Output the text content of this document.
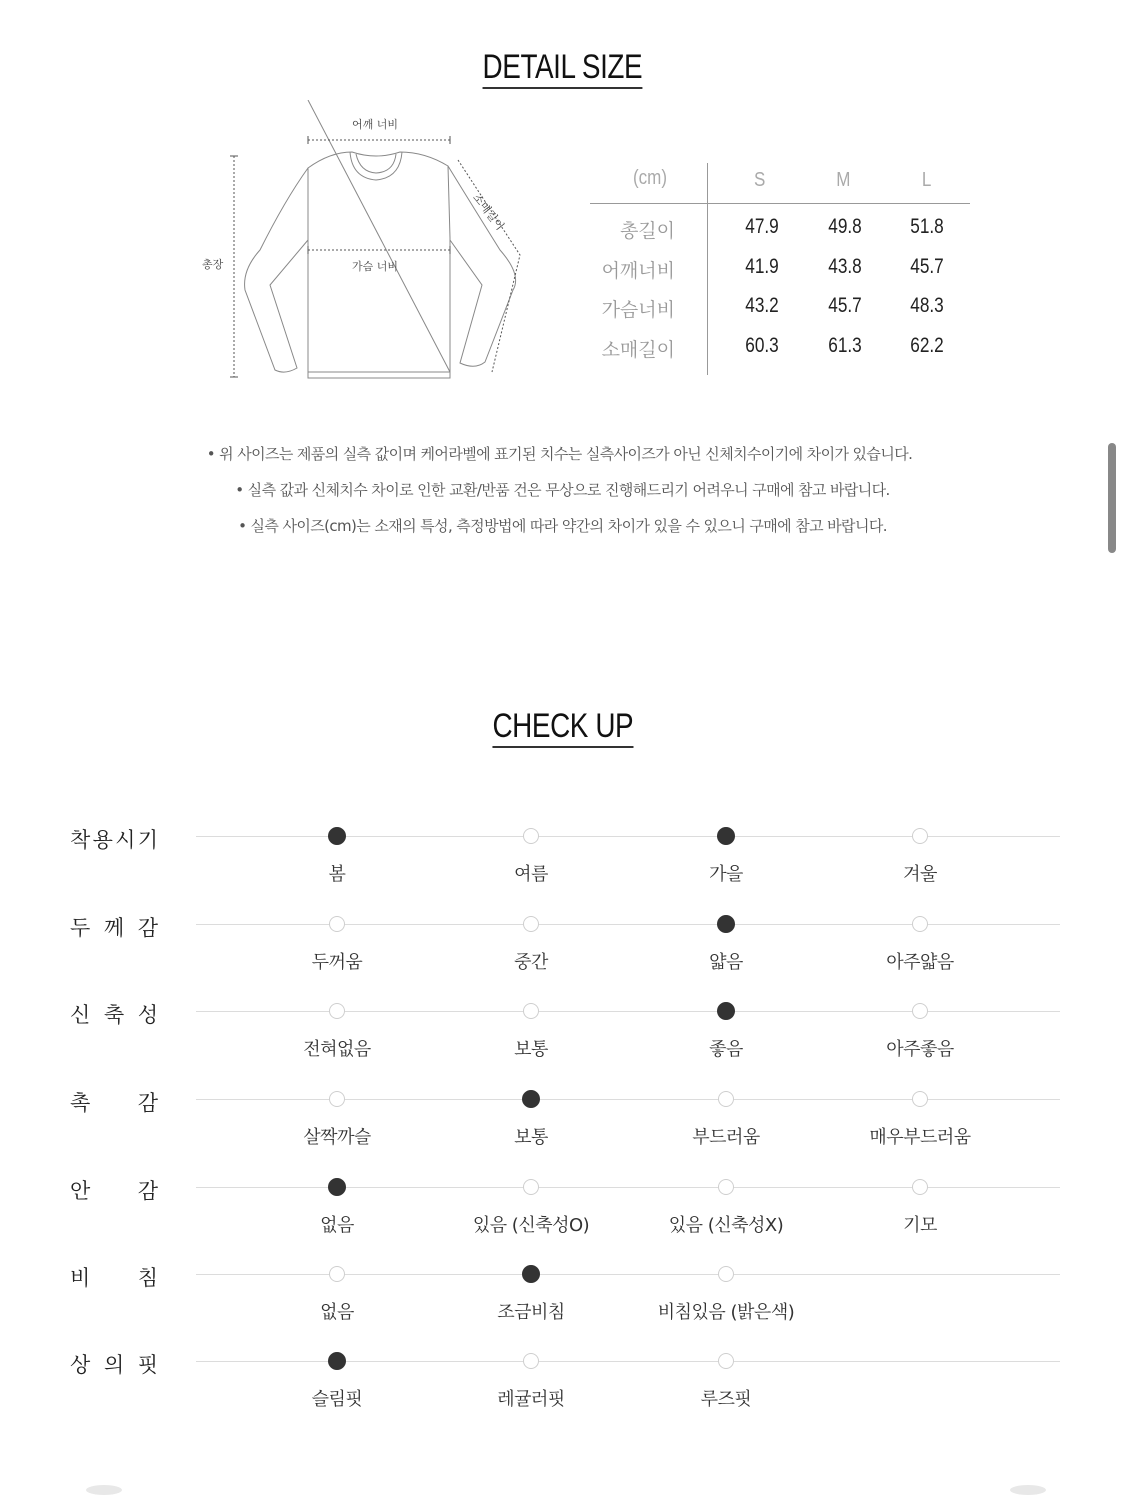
DETAIL SIZE
어깨 너비
소매길이
가슴 너비
총장
(cm)	S	M	L
총길이	47.9	49.8	51.8
어깨너비	41.9	43.8	45.7
가슴너비	43.2	45.7	48.3
소매길이	60.3	61.3	62.2
• 위 사이즈는 제품의 실측 값이며 케어라벨에 표기된 치수는 실측사이즈가 아닌 신체치수이기에 차이가 있습니다.
• 실측 값과 신체치수 차이로 인한 교환/반품 건은 무상으로 진행해드리기 어려우니 구매에 참고 바랍니다.
• 실측 사이즈(cm)는 소재의 특성, 측정방법에 따라 약간의 차이가 있을 수 있으니 구매에 참고 바랍니다.
CHECK UP
착 용 시 기
봄	여름	가을	겨울
두 께 감
두꺼움	중간	얇음	아주얇음
신 축 성
전혀없음	보통	좋음	아주좋음
촉 감
살짝까슬	보통	부드러움	매우부드러움
안 감
없음	있음 (신축성O)	있음 (신축성X)	기모
비 침
없음	조금비침	비침있음 (밝은색)
상 의 핏
슬림핏	레귤러핏	루즈핏
